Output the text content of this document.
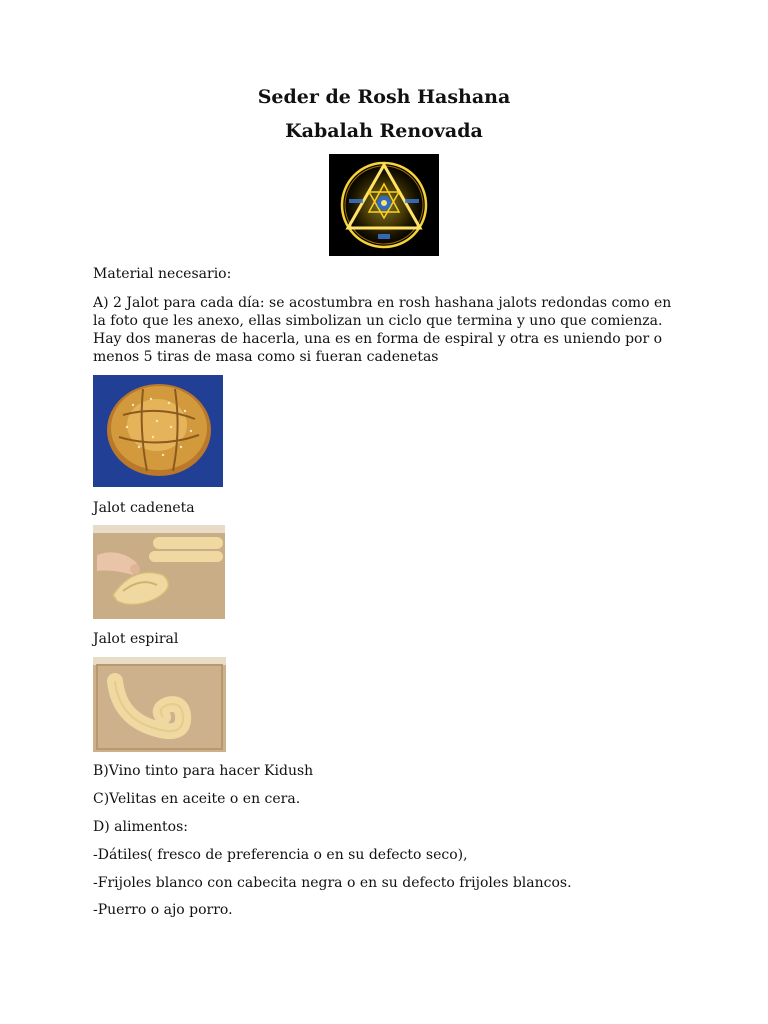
Seder de Rosh Hashana
Kabalah Renovada
Material necesario:
A) 2 Jalot para cada día: se acostumbra en rosh hashana jalots redondas como en la foto que les anexo, ellas simbolizan un ciclo que termina y uno que comienza. Hay dos maneras de hacerla, una es en forma de espiral y otra es uniendo por o menos 5 tiras de masa como si fueran cadenetas
Jalot cadeneta
Jalot espiral
B)Vino tinto para hacer Kidush
C)Velitas en aceite o en cera.
D) alimentos:
-Dátiles( fresco de preferencia o en su defecto seco),
-Frijoles blanco con cabecita negra o en su defecto frijoles blancos.
-Puerro o ajo porro.
